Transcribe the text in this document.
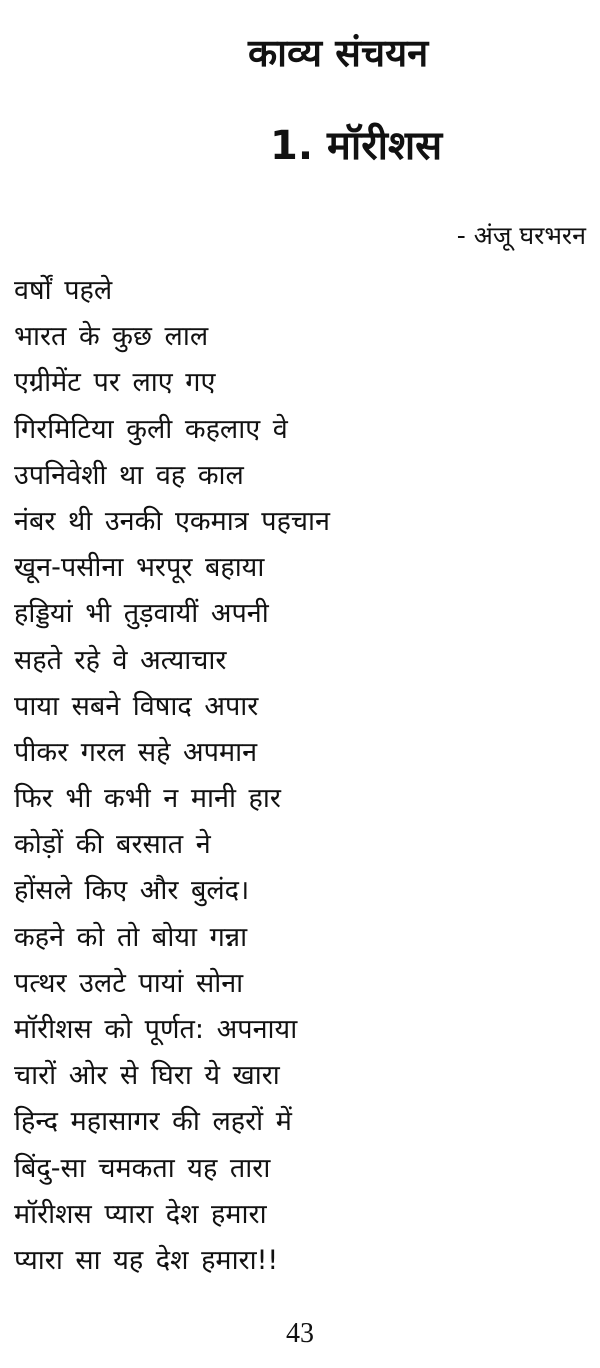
काव्य संचयन
1. मॉरीशस
- अंजू घरभरन
वर्षों पहले
भारत के कुछ लाल
एग्रीमेंट पर लाए गए
गिरमिटिया कुली कहलाए वे
उपनिवेशी था वह काल
नंबर थी उनकी एकमात्र पहचान
खून-पसीना भरपूर बहाया
हड्डियां भी तुड़वायीं अपनी
सहते रहे वे अत्याचार
पाया सबने विषाद अपार
पीकर गरल सहे अपमान
फिर भी कभी न मानी हार
कोड़ों की बरसात ने
होंसले किए और बुलंद।
कहने को तो बोया गन्ना
पत्थर उलटे पायां सोना
मॉरीशस को पूर्णत: अपनाया
चारों ओर से घिरा ये खारा
हिन्द महासागर की लहरों में
बिंदु-सा चमकता यह तारा
मॉरीशस प्यारा देश हमारा
प्यारा सा यह देश हमारा!!
43
